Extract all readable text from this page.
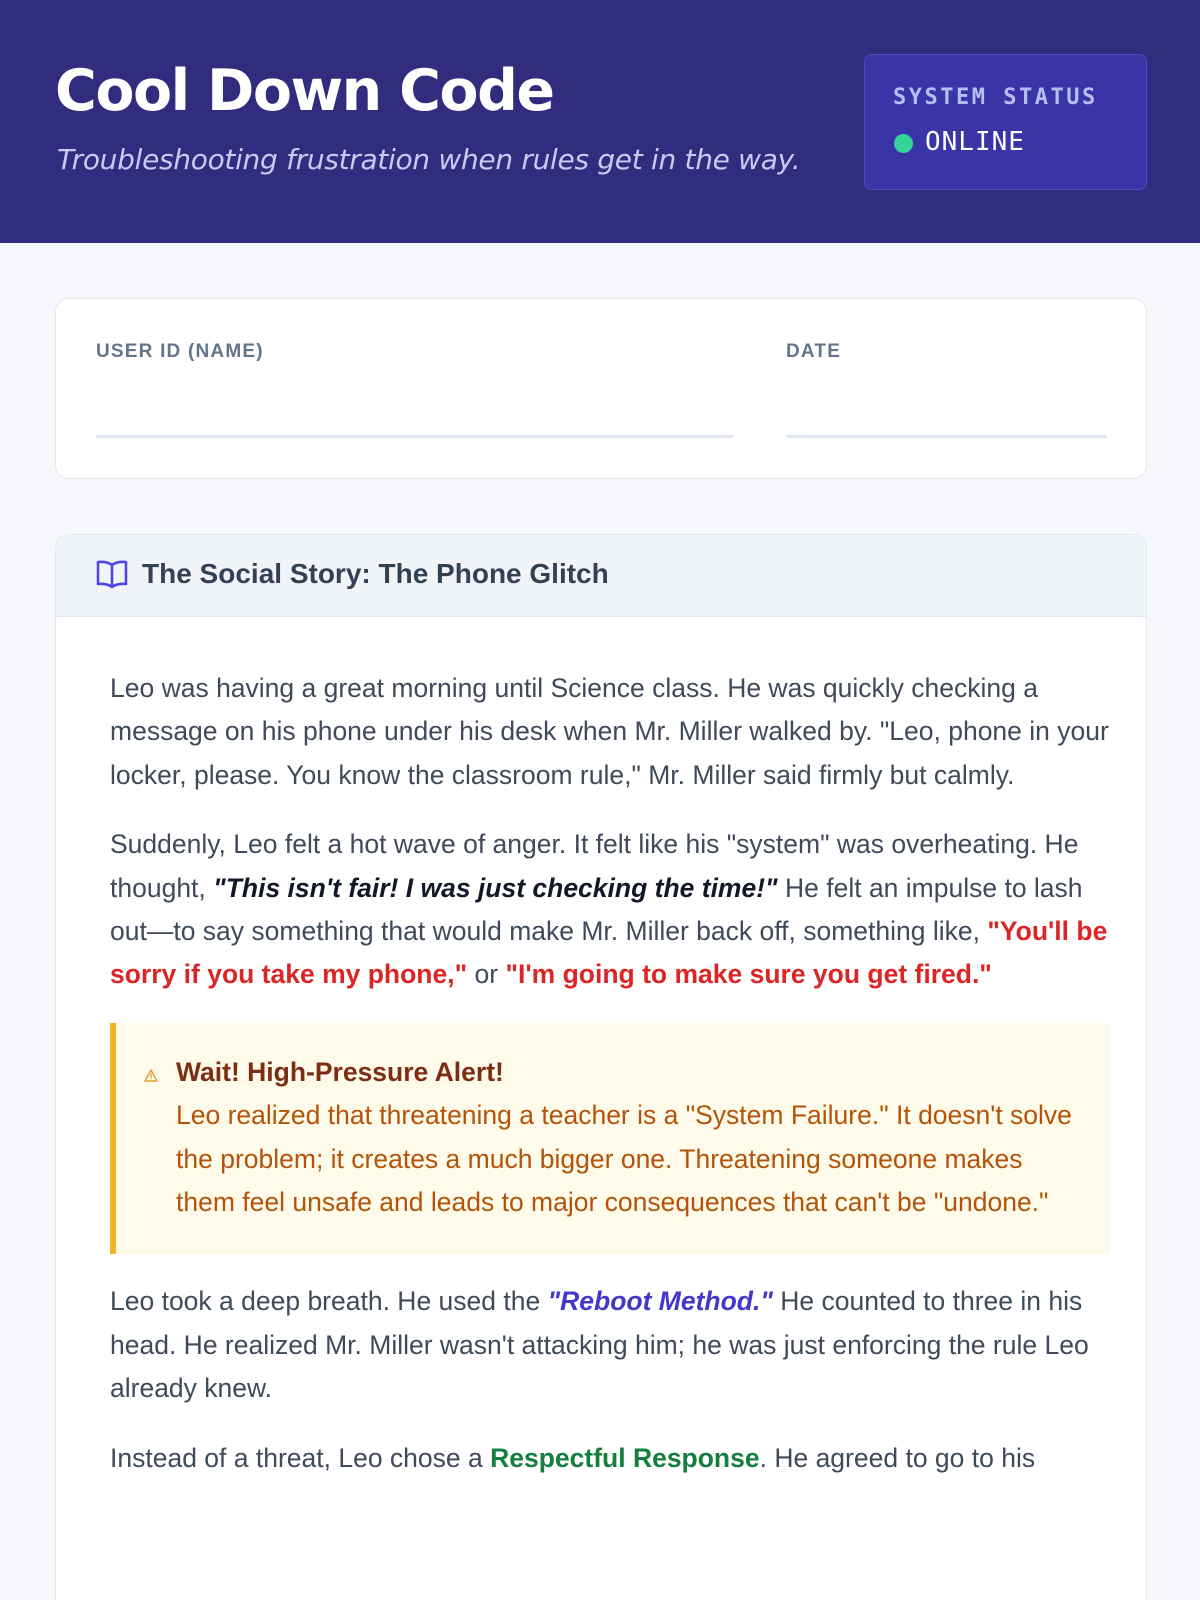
Cool Down Code
Troubleshooting frustration when rules get in the way.
SYSTEM STATUS
ONLINE
USER ID (NAME)	DATE
The Social Story: The Phone Glitch

Leo was having a great morning until Science class. He was quickly checking a message on his phone under his desk when Mr. Miller walked by. "Leo, phone in your locker, please. You know the classroom rule," Mr. Miller said firmly but calmly.

Suddenly, Leo felt a hot wave of anger. It felt like his "system" was overheating. He thought, "This isn't fair! I was just checking the time!" He felt an impulse to lash out—to say something that would make Mr. Miller back off, something like, "You'll be sorry if you take my phone," or "I'm going to make sure you get fired."

Wait! High-Pressure Alert!
Leo realized that threatening a teacher is a "System Failure." It doesn't solve the problem; it creates a much bigger one. Threatening someone makes them feel unsafe and leads to major consequences that can't be "undone."

Leo took a deep breath. He used the "Reboot Method." He counted to three in his head. He realized Mr. Miller wasn't attacking him; he was just enforcing the rule Leo already knew.

Instead of a threat, Leo chose a Respectful Response. He agreed to go to his
